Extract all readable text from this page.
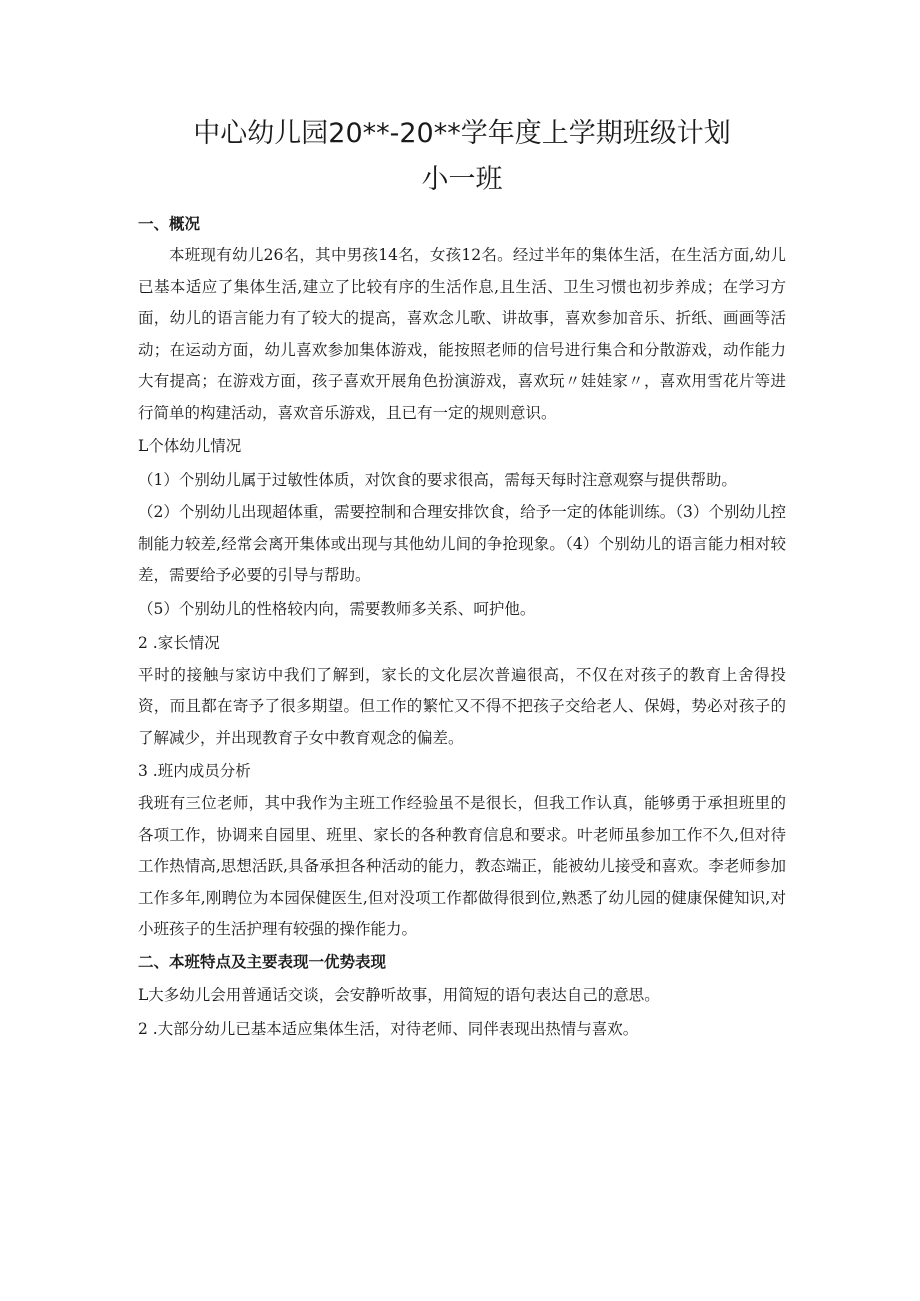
中心幼儿园20**-20**学年度上学期班级计划
小一班
一、概况

本班现有幼儿26名，其中男孩14名，女孩12名。经过半年的集体生活，在生活方面,幼儿已基本适应了集体生活,建立了比较有序的生活作息,且生活、卫生习惯也初步养成；在学习方面，幼儿的语言能力有了较大的提高，喜欢念儿歌、讲故事，喜欢参加音乐、折纸、画画等活动；在运动方面，幼儿喜欢参加集体游戏，能按照老师的信号进行集合和分散游戏，动作能力大有提高；在游戏方面，孩子喜欢开展角色扮演游戏，喜欢玩〃娃娃家〃，喜欢用雪花片等进行简单的构建活动，喜欢音乐游戏，且已有一定的规则意识。

L个体幼儿情况

（1）个别幼儿属于过敏性体质，对饮食的要求很高，需每天每时注意观察与提供帮助。

（2）个别幼儿出现超体重，需要控制和合理安排饮食，给予一定的体能训练。（3）个别幼儿控制能力较差,经常会离开集体或出现与其他幼儿间的争抢现象。（4）个别幼儿的语言能力相对较差，需要给予必要的引导与帮助。

（5）个别幼儿的性格较内向，需要教师多关系、呵护他。

2 .家长情况

平时的接触与家访中我们了解到，家长的文化层次普遍很高，不仅在对孩子的教育上舍得投资，而且都在寄予了很多期望。但工作的繁忙又不得不把孩子交给老人、保姆，势必对孩子的了解减少，并出现教育子女中教育观念的偏差。

3 .班内成员分析

我班有三位老师，其中我作为主班工作经验虽不是很长，但我工作认真，能够勇于承担班里的各项工作，协调来自园里、班里、家长的各种教育信息和要求。叶老师虽参加工作不久,但对待工作热情高,思想活跃,具备承担各种活动的能力，教态端正，能被幼儿接受和喜欢。李老师参加工作多年,刚聘位为本园保健医生,但对没项工作都做得很到位,熟悉了幼儿园的健康保健知识,对小班孩子的生活护理有较强的操作能力。

二、本班特点及主要表现一优势表现

L大多幼儿会用普通话交谈，会安静听故事，用简短的语句表达自己的意思。

2 .大部分幼儿已基本适应集体生活，对待老师、同伴表现出热情与喜欢。
